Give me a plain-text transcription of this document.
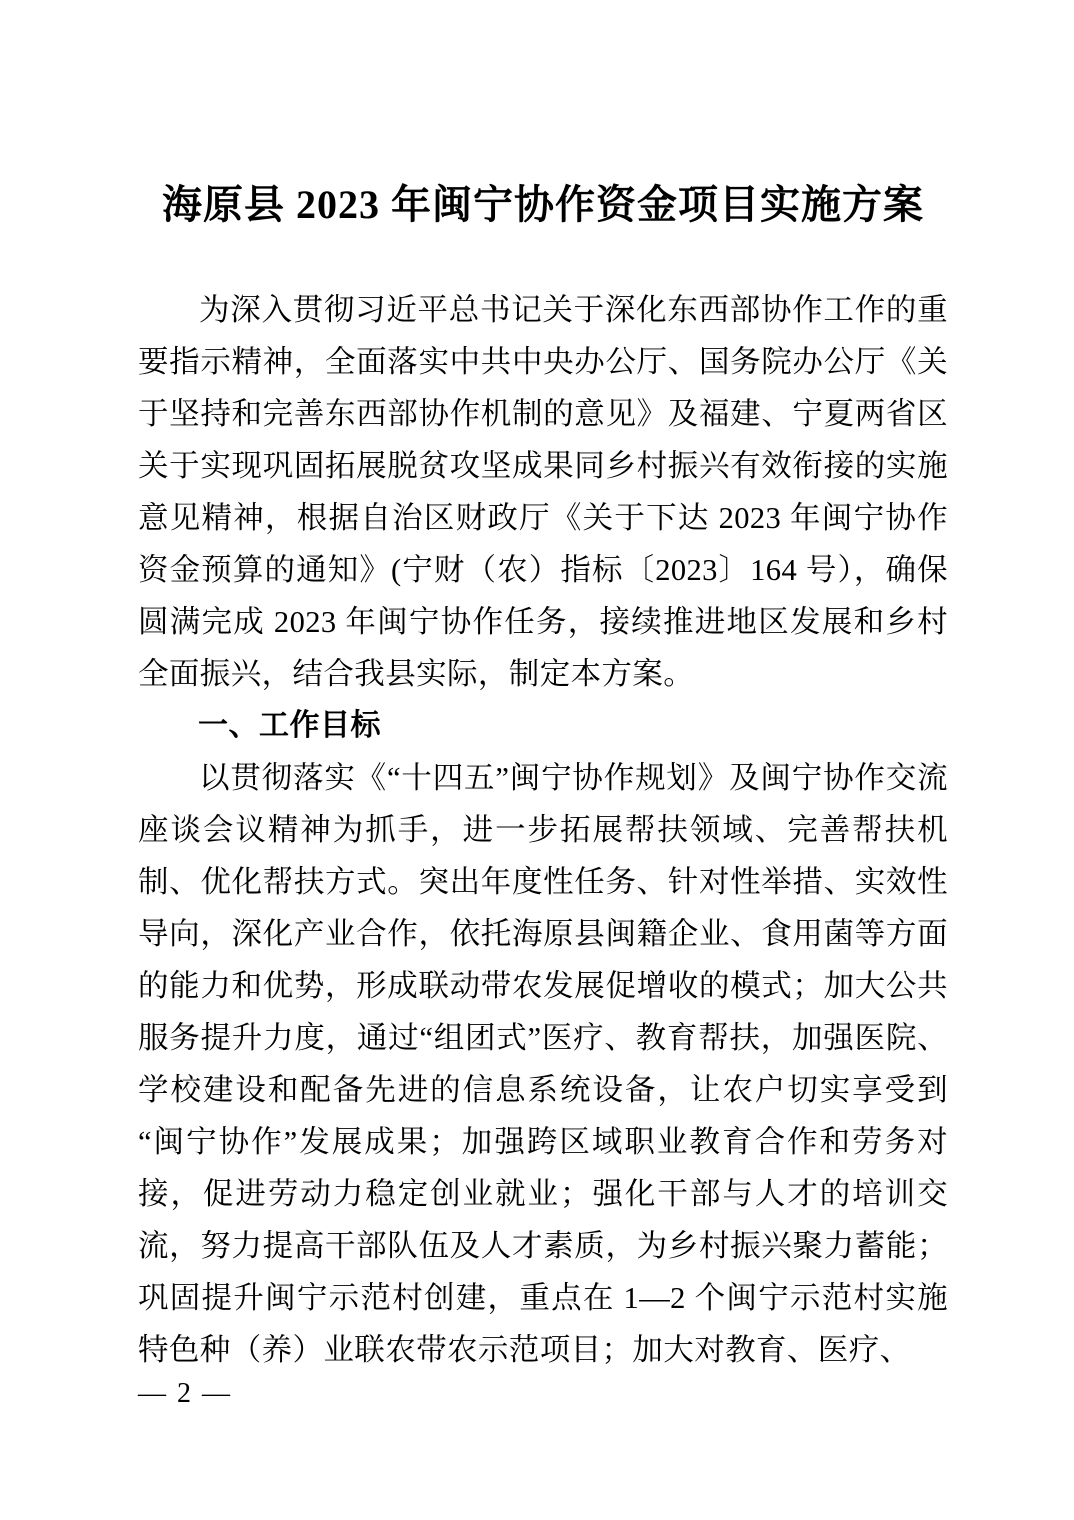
海原县 2023 年闽宁协作资金项目实施方案

为深入贯彻习近平总书记关于深化东西部协作工作的重要指示精神，全面落实中共中央办公厅、国务院办公厅《关于坚持和完善东西部协作机制的意见》及福建、宁夏两省区关于实现巩固拓展脱贫攻坚成果同乡村振兴有效衔接的实施意见精神，根据自治区财政厅《关于下达 2023 年闽宁协作资金预算的通知》(宁财（农）指标〔2023〕164 号），确保圆满完成 2023 年闽宁协作任务，接续推进地区发展和乡村全面振兴，结合我县实际，制定本方案。

一、工作目标

以贯彻落实《“十四五”闽宁协作规划》及闽宁协作交流座谈会议精神为抓手，进一步拓展帮扶领域、完善帮扶机制、优化帮扶方式。突出年度性任务、针对性举措、实效性导向，深化产业合作，依托海原县闽籍企业、食用菌等方面的能力和优势，形成联动带农发展促增收的模式；加大公共服务提升力度，通过“组团式”医疗、教育帮扶，加强医院、学校建设和配备先进的信息系统设备，让农户切实享受到“闽宁协作”发展成果；加强跨区域职业教育合作和劳务对接，促进劳动力稳定创业就业；强化干部与人才的培训交流，努力提高干部队伍及人才素质，为乡村振兴聚力蓄能；巩固提升闽宁示范村创建，重点在 1—2 个闽宁示范村实施特色种（养）业联农带农示范项目；加大对教育、医疗、

— 2 —
